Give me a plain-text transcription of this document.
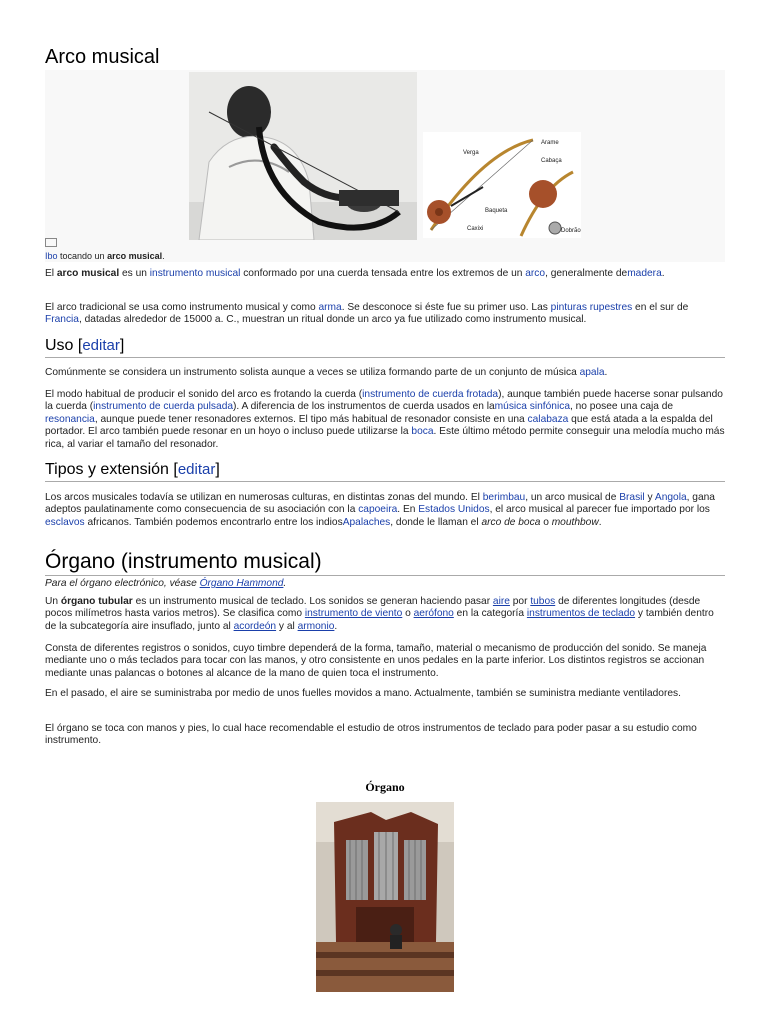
Arco musical
Verga
Arame
Cabaça
Baqueta
Caxixi	Dobrão

Ibo tocando un arco musical.

El arco musical es un instrumento musical conformado por una cuerda tensada entre los extremos de un arco, generalmente demadera.

El arco tradicional se usa como instrumento musical y como arma. Se desconoce si éste fue su primer uso. Las pinturas rupestres en el sur de Francia, datadas alrededor de 15000 a. C., muestran un ritual donde un arco ya fue utilizado como instrumento musical.

Uso [editar]

Comúnmente se considera un instrumento solista aunque a veces se utiliza formando parte de un conjunto de música apala.

El modo habitual de producir el sonido del arco es frotando la cuerda (instrumento de cuerda frotada), aunque también puede hacerse sonar pulsando la cuerda (instrumento de cuerda pulsada). A diferencia de los instrumentos de cuerda usados en lamúsica sinfónica, no posee una caja de resonancia, aunque puede tener resonadores externos. El tipo más habitual de resonador consiste en una calabaza que está atada a la espalda del portador. El arco también puede resonar en un hoyo o incluso puede utilizarse la boca. Este último método permite conseguir una melodía mucho más rica, al variar el tamaño del resonador.

Tipos y extensión [editar]

Los arcos musicales todavía se utilizan en numerosas culturas, en distintas zonas del mundo. El berimbau, un arco musical de Brasil y Angola, gana adeptos paulatinamente como consecuencia de su asociación con la capoeira. En Estados Unidos, el arco musical al parecer fue importado por los esclavos africanos. También podemos encontrarlo entre los indiosApalaches, donde le llaman el arco de boca o mouthbow.

Órgano (instrumento musical)

Para el órgano electrónico, véase Órgano Hammond.

Un órgano tubular es un instrumento musical de teclado. Los sonidos se generan haciendo pasar aire por tubos de diferentes longitudes (desde pocos milímetros hasta varios metros). Se clasifica como instrumento de viento o aerófono en la categoría instrumentos de teclado y también dentro de la subcategoría aire insuflado, junto al acordeón y al armonio.

Consta de diferentes registros o sonidos, cuyo timbre dependerá de la forma, tamaño, material o mecanismo de producción del sonido. Se maneja mediante uno o más teclados para tocar con las manos, y otro consistente en unos pedales en la parte inferior. Los distintos registros se accionan mediante unas palancas o botones al alcance de la mano de quien toca el instrumento.

En el pasado, el aire se suministraba por medio de unos fuelles movidos a mano. Actualmente, también se suministra mediante ventiladores.

El órgano se toca con manos y pies, lo cual hace recomendable el estudio de otros instrumentos de teclado para poder pasar a su estudio como instrumento.

Órgano
